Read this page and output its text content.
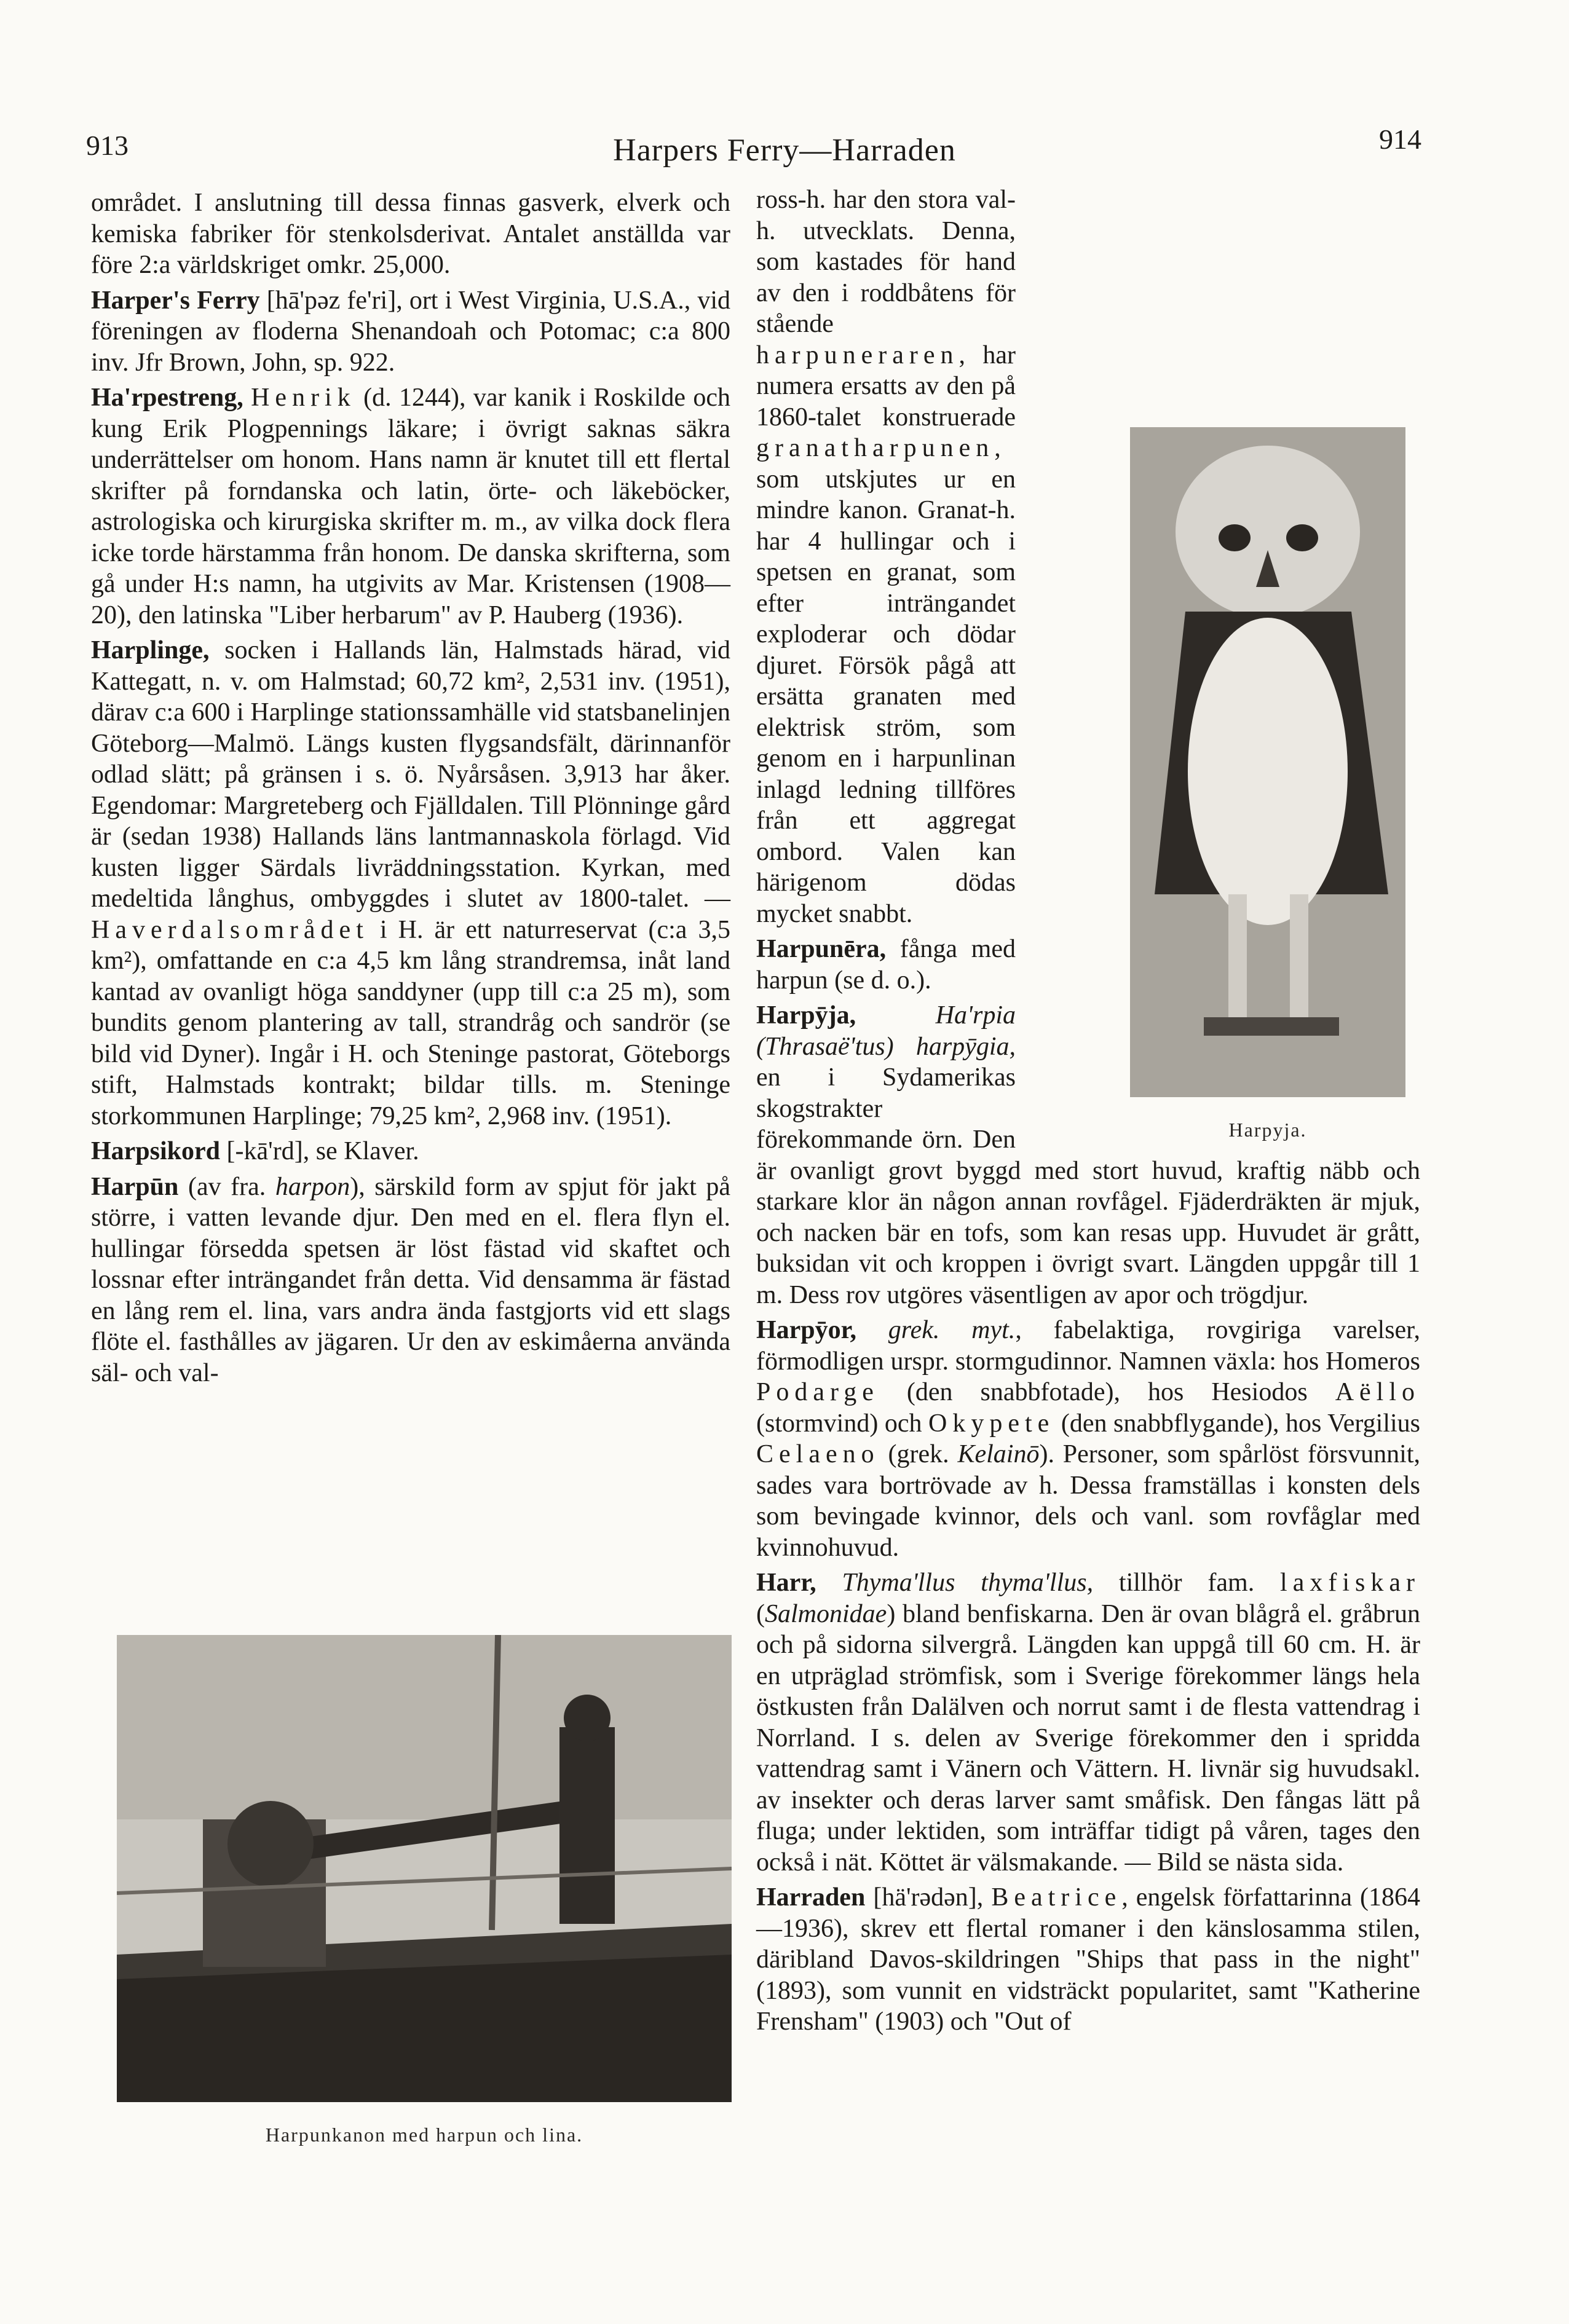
913	Harpers Ferry—Harraden	914

området. I anslutning till dessa finnas gasverk, elverk och kemiska fabriker för stenkolsderivat. Antalet anställda var före 2:a världskriget omkr. 25,000.

Harper's Ferry [hā'pəz fe'ri], ort i West Virginia, U.S.A., vid föreningen av floderna Shenandoah och Potomac; c:a 800 inv. Jfr Brown, John, sp. 922.

Ha'rpestreng, Henrik (d. 1244), var kanik i Roskilde och kung Erik Plogpennings läkare; i övrigt saknas säkra underrättelser om honom. Hans namn är knutet till ett flertal skrifter på forndanska och latin, örte- och läkeböcker, astrologiska och kirurgiska skrifter m. m., av vilka dock flera icke torde härstamma från honom. De danska skrifterna, som gå under H:s namn, ha utgivits av Mar. Kristensen (1908—20), den latinska "Liber herbarum" av P. Hauberg (1936).

Harplinge, socken i Hallands län, Halmstads härad, vid Kattegatt, n. v. om Halmstad; 60,72 km², 2,531 inv. (1951), därav c:a 600 i Harplinge stationssamhälle vid statsbanelinjen Göteborg—Malmö. Längs kusten flygsandsfält, därinnanför odlad slätt; på gränsen i s. ö. Nyårsåsen. 3,913 har åker. Egendomar: Margreteberg och Fjälldalen. Till Plönninge gård är (sedan 1938) Hallands läns lantmannaskola förlagd. Vid kusten ligger Särdals livräddningsstation. Kyrkan, med medeltida långhus, ombyggdes i slutet av 1800-talet. — Haverdalsområdet i H. är ett naturreservat (c:a 3,5 km²), omfattande en c:a 4,5 km lång strandremsa, inåt land kantad av ovanligt höga sanddyner (upp till c:a 25 m), som bundits genom plantering av tall, strandråg och sandrör (se bild vid Dyner). Ingår i H. och Steninge pastorat, Göteborgs stift, Halmstads kontrakt; bildar tills. m. Steninge storkommunen Harplinge; 79,25 km², 2,968 inv. (1951).

Harpsikord [-kā'rd], se Klaver.

Harpūn (av fra. harpon), särskild form av spjut för jakt på större, i vatten levande djur. Den med en el. flera flyn el. hullingar försedda spetsen är löst fästad vid skaftet och lossnar efter inträngandet från detta. Vid densamma är fästad en lång rem el. lina, vars andra ända fastgjorts vid ett slags flöte el. fasthålles av jägaren. Ur den av eskimåerna använda säl- och val-

Harpunkanon med harpun och lina.

ross-h. har den stora val-h. utvecklats. Denna, som kastades för hand av den i roddbåtens för stående harpuneraren, har numera ersatts av den på 1860-talet konstruerade granatharpunen, som utskjutes ur en mindre kanon. Granat-h. har 4 hullingar och i spetsen en granat, som efter inträngandet exploderar och dödar djuret. Försök pågå att ersätta granaten med elektrisk ström, som genom en i harpunlinan inlagd ledning tillföres från ett aggregat ombord. Valen kan härigenom dödas mycket snabbt.

Harpunēra, fånga med harpun (se d. o.).

Harpȳja,	Ha'rpia (Thrasaë'tus) harpȳgia, en i Sydamerikas skogstrakter förekommande örn. Den är ovanligt grovt byggd med stort huvud, kraftig näbb och starkare klor än någon annan rovfågel. Fjäderdräkten är mjuk, och nacken bär en tofs, som kan resas upp. Huvudet är grått, buksidan vit och kroppen i övrigt svart. Längden uppgår till 1 m. Dess rov utgöres väsentligen av apor och trögdjur.

Harpȳor, grek. myt., fabelaktiga, rovgiriga varelser, förmodligen urspr. stormgudinnor. Namnen växla: hos Homeros Podarge (den snabbfotade), hos Hesiodos Aëllo (stormvind) och Okypete (den snabbflygande), hos Vergilius Celaeno (grek. Kelainō). Personer, som spårlöst försvunnit, sades vara bortrövade av h. Dessa framställas i konsten dels som bevingade kvinnor, dels och vanl. som rovfåglar med kvinnohuvud.

Harr, Thyma'llus thyma'llus, tillhör fam. laxfiskar (Salmonidae) bland benfiskarna. Den är ovan blågrå el. gråbrun och på sidorna silvergrå. Längden kan uppgå till 60 cm. H. är en utpräglad strömfisk, som i Sverige förekommer längs hela östkusten från Dalälven och norrut samt i de flesta vattendrag i Norrland. I s. delen av Sverige förekommer den i spridda vattendrag samt i Vänern och Vättern. H. livnär sig huvudsakl. av insekter och deras larver samt småfisk. Den fångas lätt på fluga; under lektiden, som inträffar tidigt på våren, tages den också i nät. Köttet är välsmakande. — Bild se nästa sida.

Harraden [hä'rədən], Beatrice, engelsk författarinna (1864—1936), skrev ett flertal romaner i den känslosamma stilen, däribland Davos-skildringen "Ships that pass in the night" (1893), som vunnit en vidsträckt popularitet, samt "Katherine Frensham" (1903) och "Out of

Harpyja.
